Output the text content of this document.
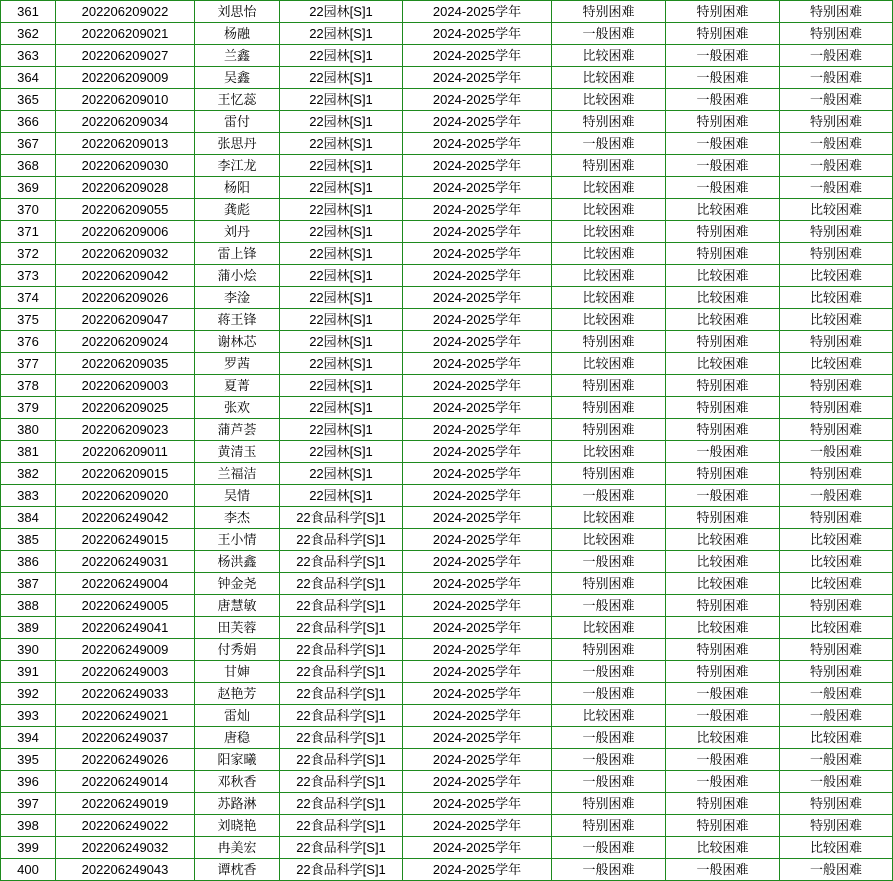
361	202206209022	刘思怡	22园林[S]1	2024-2025学年	特别困难	特别困难	特别困难
362	202206209021	杨融	22园林[S]1	2024-2025学年	一般困难	特别困难	特别困难
363	202206209027	兰鑫	22园林[S]1	2024-2025学年	比较困难	一般困难	一般困难
364	202206209009	吴鑫	22园林[S]1	2024-2025学年	比较困难	一般困难	一般困难
365	202206209010	王忆蕊	22园林[S]1	2024-2025学年	比较困难	一般困难	一般困难
366	202206209034	雷付	22园林[S]1	2024-2025学年	特别困难	特别困难	特别困难
367	202206209013	张思丹	22园林[S]1	2024-2025学年	一般困难	一般困难	一般困难
368	202206209030	李江龙	22园林[S]1	2024-2025学年	特别困难	一般困难	一般困难
369	202206209028	杨阳	22园林[S]1	2024-2025学年	比较困难	一般困难	一般困难
370	202206209055	龚彪	22园林[S]1	2024-2025学年	比较困难	比较困难	比较困难
371	202206209006	刘丹	22园林[S]1	2024-2025学年	比较困难	特别困难	特别困难
372	202206209032	雷上锋	22园林[S]1	2024-2025学年	比较困难	特别困难	特别困难
373	202206209042	蒲小烩	22园林[S]1	2024-2025学年	比较困难	比较困难	比较困难
374	202206209026	李淦	22园林[S]1	2024-2025学年	比较困难	比较困难	比较困难
375	202206209047	蒋王锋	22园林[S]1	2024-2025学年	比较困难	比较困难	比较困难
376	202206209024	谢林芯	22园林[S]1	2024-2025学年	特别困难	特别困难	特别困难
377	202206209035	罗茜	22园林[S]1	2024-2025学年	比较困难	比较困难	比较困难
378	202206209003	夏菁	22园林[S]1	2024-2025学年	特别困难	特别困难	特别困难
379	202206209025	张欢	22园林[S]1	2024-2025学年	特别困难	特别困难	特别困难
380	202206209023	蒲芦荟	22园林[S]1	2024-2025学年	特别困难	特别困难	特别困难
381	202206209011	黄清玉	22园林[S]1	2024-2025学年	比较困难	一般困难	一般困难
382	202206209015	兰福洁	22园林[S]1	2024-2025学年	特别困难	特别困难	特别困难
383	202206209020	吴情	22园林[S]1	2024-2025学年	一般困难	一般困难	一般困难
384	202206249042	李杰	22食品科学[S]1	2024-2025学年	比较困难	特别困难	特别困难
385	202206249015	王小情	22食品科学[S]1	2024-2025学年	比较困难	比较困难	比较困难
386	202206249031	杨洪鑫	22食品科学[S]1	2024-2025学年	一般困难	比较困难	比较困难
387	202206249004	钟金尧	22食品科学[S]1	2024-2025学年	特别困难	比较困难	比较困难
388	202206249005	唐慧敏	22食品科学[S]1	2024-2025学年	一般困难	特别困难	特别困难
389	202206249041	田芙蓉	22食品科学[S]1	2024-2025学年	比较困难	比较困难	比较困难
390	202206249009	付秀娟	22食品科学[S]1	2024-2025学年	特别困难	特别困难	特别困难
391	202206249003	甘婶	22食品科学[S]1	2024-2025学年	一般困难	特别困难	特别困难
392	202206249033	赵艳芳	22食品科学[S]1	2024-2025学年	一般困难	一般困难	一般困难
393	202206249021	雷灿	22食品科学[S]1	2024-2025学年	比较困难	一般困难	一般困难
394	202206249037	唐稳	22食品科学[S]1	2024-2025学年	一般困难	比较困难	比较困难
395	202206249026	阳家曦	22食品科学[S]1	2024-2025学年	一般困难	一般困难	一般困难
396	202206249014	邓秋香	22食品科学[S]1	2024-2025学年	一般困难	一般困难	一般困难
397	202206249019	苏路淋	22食品科学[S]1	2024-2025学年	特别困难	特别困难	特别困难
398	202206249022	刘晓艳	22食品科学[S]1	2024-2025学年	特别困难	特别困难	特别困难
399	202206249032	冉美宏	22食品科学[S]1	2024-2025学年	一般困难	比较困难	比较困难
400	202206249043	谭枕香	22食品科学[S]1	2024-2025学年	一般困难	一般困难	一般困难
